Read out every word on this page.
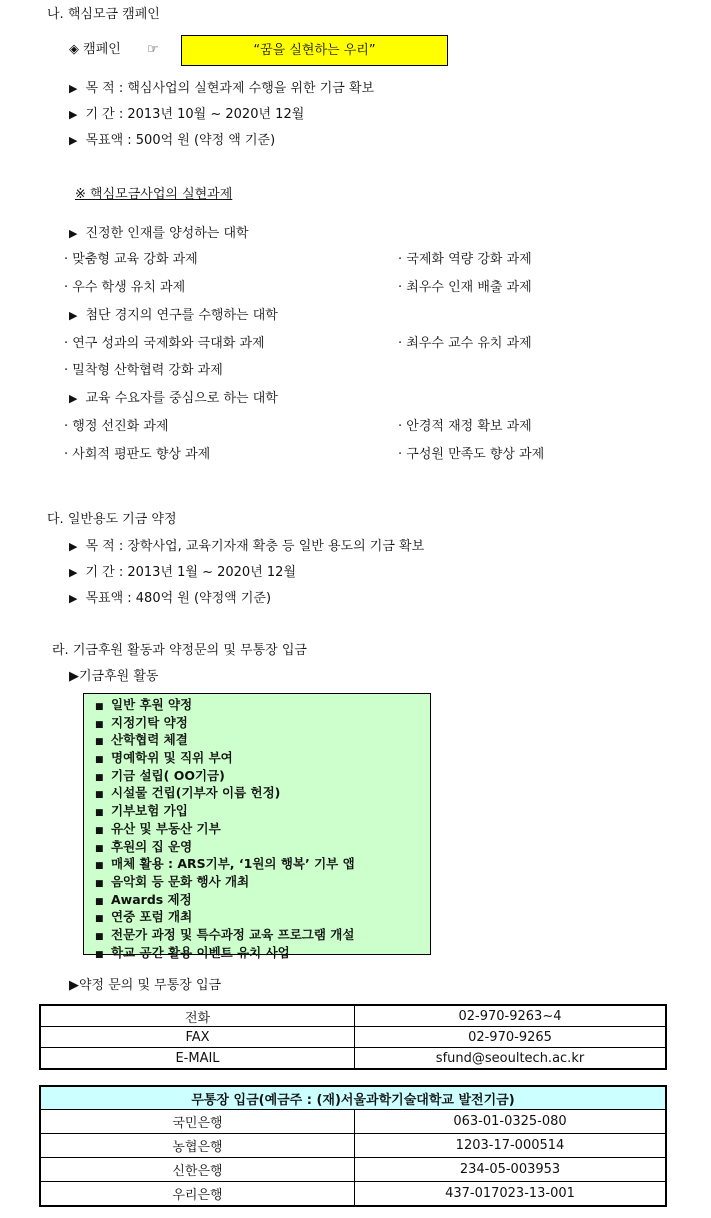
나. 핵심모금 캠페인
◈ 캠페인 ☞	“꿈을 실현하는 우리”
▶ 목 적 : 핵심사업의 실현과제 수행을 위한 기금 확보
▶ 기 간 : 2013년 10월 ~ 2020년 12월
▶ 목표액 : 500억 원 (약정 액 기준)
※ 핵심모금사업의 실현과제
▶ 진정한 인재를 양성하는 대학
· 맞춤형 교육 강화 과제	· 국제화 역량 강화 과제
· 우수 학생 유치 과제	· 최우수 인재 배출 과제
▶ 첨단 경지의 연구를 수행하는 대학
· 연구 성과의 국제화와 극대화 과제	· 최우수 교수 유치 과제
· 밀착형 산학협력 강화 과제
▶ 교육 수요자를 중심으로 하는 대학
· 행정 선진화 과제	· 안경적 재정 확보 과제
· 사회적 평판도 향상 과제	· 구성원 만족도 향상 과제
다. 일반용도 기금 약정
▶ 목 적 : 장학사업, 교육기자재 확충 등 일반 용도의 기금 확보
▶ 기 간 : 2013년 1월 ~ 2020년 12월
▶ 목표액 : 480억 원 (약정액 기준)
라. 기금후원 활동과 약정문의 및 무통장 입금
▶기금후원 활동
■ 일반 후원 약정
■ 지정기탁 약정
■ 산학협력 체결
■ 명예학위 및 직위 부여
■ 기금 설립( OO기금)
■ 시설물 건립(기부자 이름 헌정)
■ 기부보험 가입
■ 유산 및 부동산 기부
■ 후원의 집 운영
■ 매체 활용 : ARS기부, ‘1원의 행복’ 기부 앱
■ 음악회 등 문화 행사 개최
■ Awards 제정
■ 연중 포럼 개최
■ 전문가 과정 및 특수과정 교육 프로그램 개설
■ 학교 공간 활용 이벤트 유치 사업
▶약정 문의 및 무통장 입금
전화	02-970-9263~4
FAX	02-970-9265
E-MAIL	sfund@seoultech.ac.kr
무통장 입금(예금주 : (재)서울과학기술대학교 발전기금)	
국민은행	063-01-0325-080
농협은행	1203-17-000514
신한은행	234-05-003953
우리은행	437-017023-13-001
